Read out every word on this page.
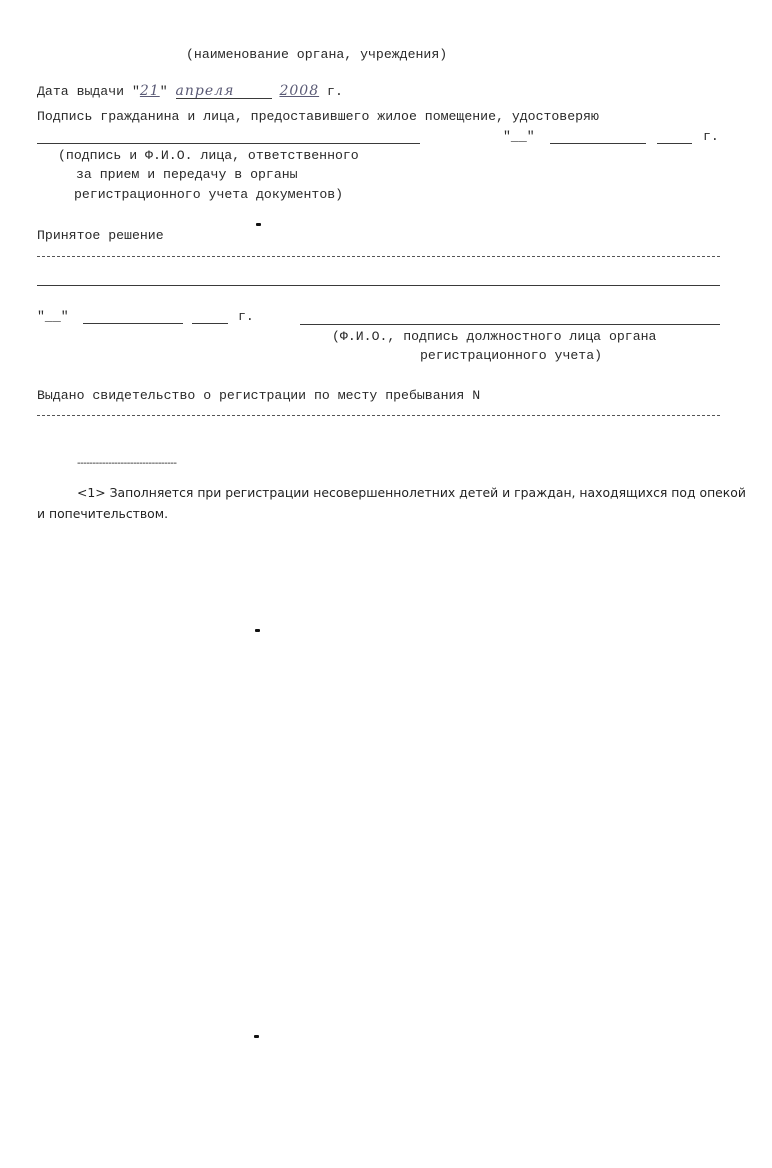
(наименование органа, учреждения)

Дата выдачи "21" апреля	2008 г.

Подпись гражданина и лица, предоставившего жилое помещение, удостоверяю
"__"	г.
(подпись и Ф.И.О. лица, ответственного
за прием и передачу в органы
регистрационного учета документов)
Принятое решение
"__"	г.
(Ф.И.О., подпись должностного лица органа
регистрационного учета)
Выдано свидетельство о регистрации по месту пребывания N
--------------------------------
<1> Заполняется при регистрации несовершеннолетних детей и граждан, находящихся под опекой и попечительством.
